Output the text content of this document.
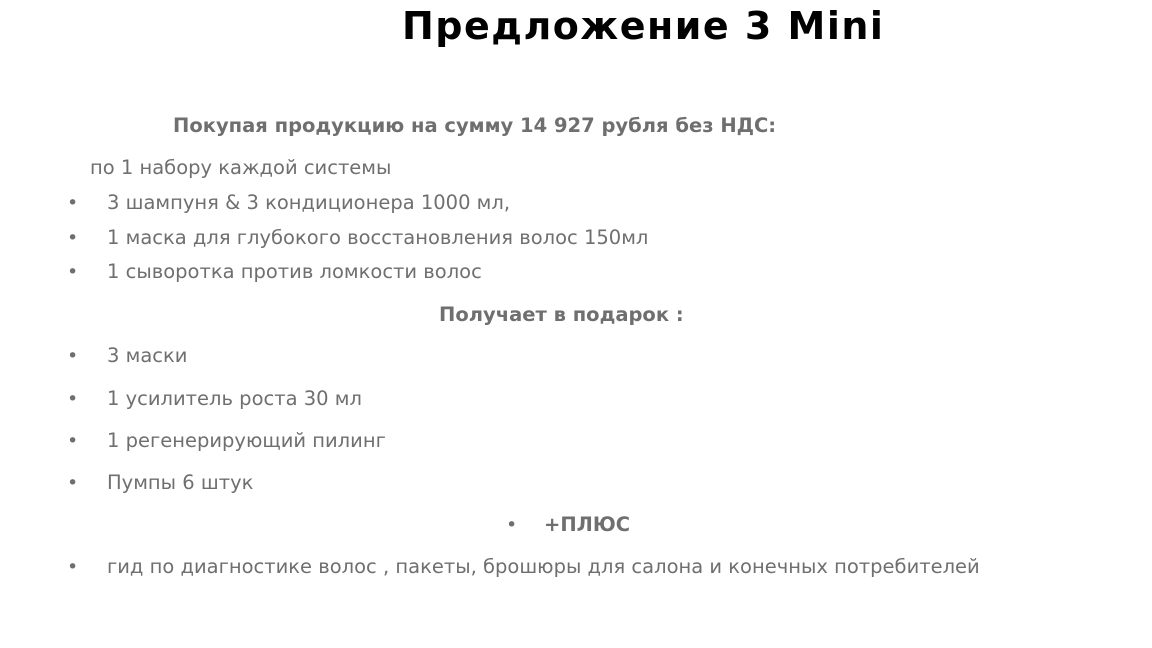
Предложение 3 Mini
Покупая продукцию на сумму 14 927 рубля без НДС:
по 1 набору каждой системы
• 3 шампуня & 3 кондиционера 1000 мл,
• 1 маска для глубокого восстановления волос 150мл
• 1 сыворотка против ломкости волос
Получает в подарок :
• 3 маски
• 1 усилитель роста 30 мл
• 1 регенерирующий пилинг
• Пумпы 6 штук
• +ПЛЮС
• гид по диагностике волос , пакеты, брошюры для салона и конечных потребителей
